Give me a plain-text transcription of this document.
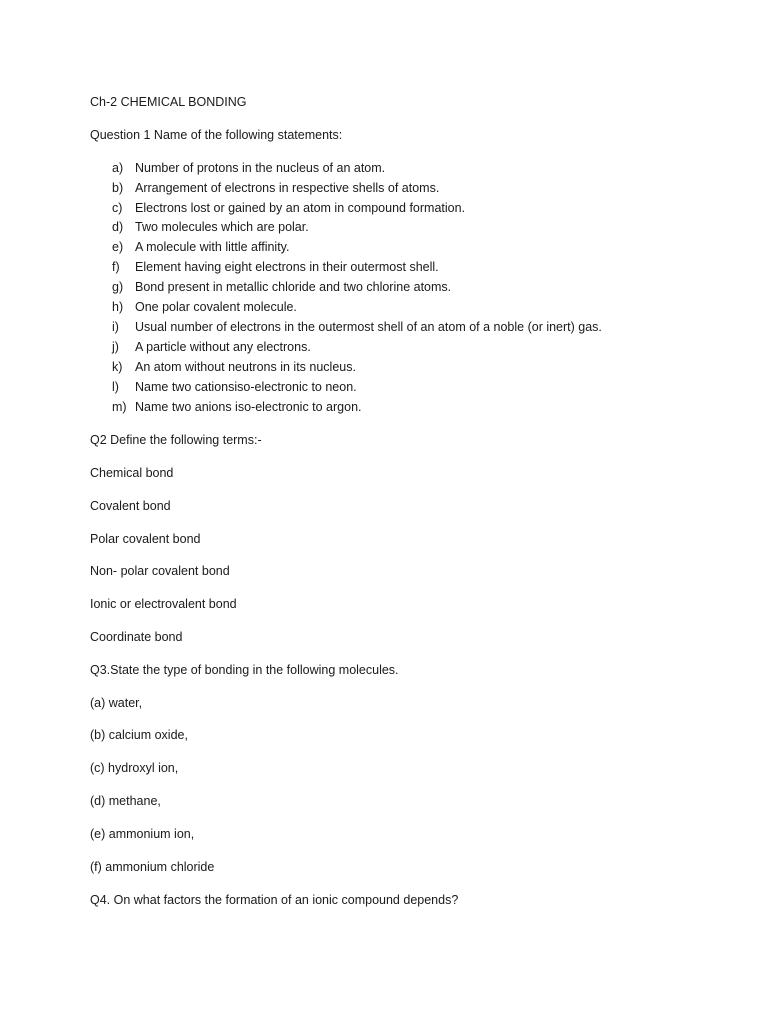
Ch-2 CHEMICAL BONDING
Question 1 Name of the following statements:
a) Number of protons in the nucleus of an atom.
b) Arrangement of electrons in respective shells of atoms.
c)	Electrons lost or gained by an atom in compound formation.
d) Two molecules which are polar.
e) A molecule with little affinity.
f)	Element having eight electrons in their outermost shell.
g) Bond present in metallic chloride and two chlorine atoms.
h) One polar covalent molecule.
i)	Usual number of electrons in the outermost shell of an atom of a noble (or inert) gas.
j)	A particle without any electrons.
k)	An atom without neutrons in its nucleus.
l)	Name two cationsiso-electronic to neon.
m) Name two anions iso-electronic to argon.
Q2 Define the following terms:-
Chemical bond
Covalent bond
Polar covalent bond
Non- polar covalent bond
Ionic or electrovalent bond
Coordinate bond
Q3.State the type of bonding in the following molecules.
(a) water,
(b) calcium oxide,
(c) hydroxyl ion,
(d) methane,
(e) ammonium ion,
(f) ammonium chloride
Q4. On what factors the formation of an ionic compound depends?
